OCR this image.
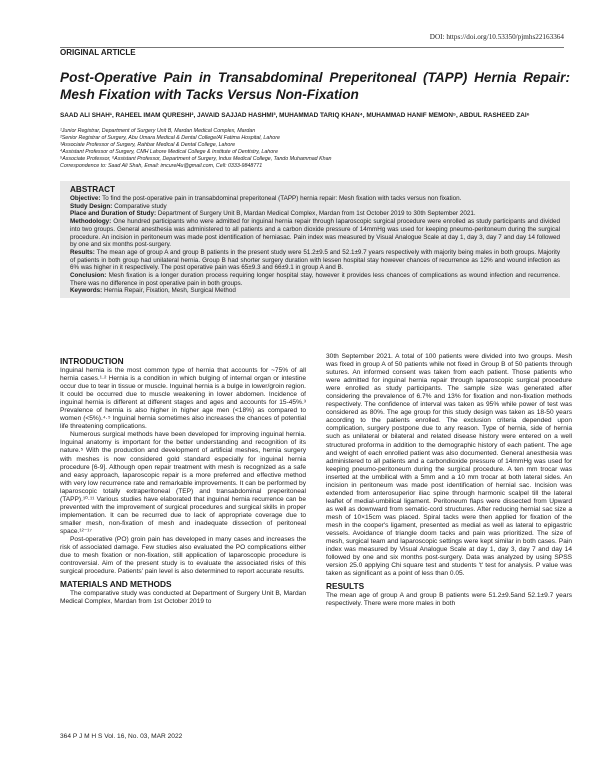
DOI: https://doi.org/10.53350/pjmhs22163364
ORIGINAL ARTICLE
Post-Operative Pain in Transabdominal Preperitoneal (TAPP) Hernia Repair: Mesh Fixation with Tacks Versus Non-Fixation
SAAD ALI SHAH¹, RAHEEL IMAM QURESHI², JAVAID SAJJAD HASHMI³, MUHAMMAD TARIQ KHAN⁴, MUHAMMAD HANIF MEMON⁵, ABDUL RASHEED ZAI⁶
¹Junior Registrar, Department of Surgery Unit B, Mardan Medical Complex, Mardan
²Senior Registrar of Surgery, Abu Umara Medical & Dental College/Al Fatima Hospital, Lahore
³Associate Professor of Surgery, Rahbar Medical & Dental College, Lahore
⁴Assistant Professor of Surgery, CMH Lahore Medical College & Institute of Dentistry, Lahore
⁵Associate Professor, ⁶Assistant Professor, Department of Surgery, Indus Medical College, Tando Muhammad Khan
Correspondence to: Saad Ali Shah, Email: imcurel4u@gmail.com, Cell: 0333-9848771
ABSTRACT

Objective: To find the post-operative pain in transabdominal preperitoneal (TAPP) hernia repair: Mesh fixation with tacks versus non fixation.

Study Design: Comparative study

Place and Duration of Study: Department of Surgery Unit B, Mardan Medical Complex, Mardan from 1st October 2019 to 30th September 2021.

Methodology: One hundred participants who were admitted for inguinal hernia repair through laparoscopic surgical procedure were enrolled as study participants and divided into two groups. General anesthesia was administered to all patients and a carbon dioxide pressure of 14mmHg was used for keeping pneumo-peritoneum during the surgical procedure. An incision in peritoneum was made post identification of herniasac. Pain index was measured by Visual Analogue Scale at day 1, day 3, day 7 and day 14 followed by one and six months post-surgery.

Results: The mean age of group A and group B patients in the present study were 51.2±9.5 and 52.1±9.7 years respectively with majority being males in both groups. Majority of patients in both group had unilateral hernia. Group B had shorter surgery duration with lessen hospital stay however chances of recurrence as 12% and wound infection as 6% was higher in it respectively. The post operative pain was 65±9.3 and 66±9.1 in group A and B.

Conclusion: Mesh fixation is a longer duration process requiring longer hospital stay, however it provides less chances of complications as wound infection and recurrence. There was no difference in post operative pain in both groups.

Keywords: Hernia Repair, Fixation, Mesh, Surgical Method

INTRODUCTION

Inguinal hernia is the most common type of hernia that accounts for ~75% of all hernia cases.¹·² Hernia is a condition in which bulging of internal organ or intestine occur due to tear in tissue or muscle. Inguinal hernia is a bulge in lower/groin region. It could be occurred due to muscle weakening in lower abdomen. Incidence of inguinal hernia is different at different stages and ages and accounts for 15-45%.³ Prevalence of hernia is also higher in higher age men (<18%) as compared to women (<5%).⁴·⁵ Inguinal hernia sometimes also increases the chances of potential life threatening complications.

Numerous surgical methods have been developed for improving inguinal hernia. Inguinal anatomy is important for the better understanding and recognition of its nature.⁵ With the production and development of artificial meshes, hernia surgery with meshes is now considered gold standard especially for inguinal hernia procedure [6-9]. Although open repair treatment with mesh is recognized as a safe and easy approach, laparoscopic repair is a more preferred and effective method with very low recurrence rate and remarkable improvements. It can be performed by laparoscopic totally extraperitoneal (TEP) and transabdominal preperitoneal (TAPP).¹⁰·¹¹ Various studies have elaborated that inguinal hernia recurrence can be prevented with the improvement of surgical procedures and surgical skills in proper implementation. It can be recurred due to lack of appropriate coverage due to smaller mesh, non-fixation of mesh and inadequate dissection of peritoneal space.¹²⁻¹⁷

Post-operative (PO) groin pain has developed in many cases and increases the risk of associated damage. Few studies also evaluated the PO complications either due to mesh fixation or non-fixation, still application of laparoscopic procedure is controversial. Aim of the present study is to evaluate the associated risks of this surgical procedure. Patients' pain level is also determined to report accurate results.

MATERIALS AND METHODS

The comparative study was conducted at Department of Surgery Unit B, Mardan Medical Complex, Mardan from 1st October 2019 to

30th September 2021. A total of 100 patients were divided into two groups. Mesh was fixed in group A of 50 patients while not fixed in Group B of 50 patients through sutures. An informed consent was taken from each patient. Those patients who were admitted for inguinal hernia repair through laparoscopic surgical procedure were enrolled as study participants. The sample size was generated after considering the prevalence of 6.7% and 13% for fixation and non-fixation methods respectively. The confidence of interval was taken as 95% while power of test was considered as 80%. The age group for this study design was taken as 18-50 years according to the patients enrolled. The exclusion criteria depended upon complication, surgery postpone due to any reason. Type of hernia, side of hernia such as unilateral or bilateral and related disease history were entered on a well structured proforma in addition to the demographic history of each patient. The age and weight of each enrolled patient was also documented. General anesthesia was administered to all patients and a carbondioxide pressure of 14mmHg was used for keeping pneumo-peritoneum during the surgical procedure. A ten mm trocar was inserted at the umbilical with a 5mm and a 10 mm trocar at both lateral sides. An incision in peritoneum was made post identification of hernial sac. Incision was extended from anterosuperior iliac spine through harmonic scalpel till the lateral leaflet of medial-umbilical ligament. Peritoneum flaps were dissected from Upward as well as downward from sematic-cord structures. After reducing hernial sac size a mesh of 10×15cm was placed. Spiral tacks were then applied for fixation of the mesh in the cooper's ligament, presented as medial as well as lateral to epigastric vessels. Avoidance of triangle doom tacks and pain was prioritized. The size of mesh, surgical team and laparoscopic settings were kept similar in both cases. Pain index was measured by Visual Analogue Scale at day 1, day 3, day 7 and day 14 followed by one and six months post-surgery. Data was analyzed by using SPSS version 25.0 applying Chi square test and students 't' test for analysis. P value was taken as significant as a point of less than 0.05.

RESULTS

The mean age of group A and group B patients were 51.2±9.5and 52.1±9.7 years respectively. There were more males in both

364 P J M H S Vol. 16, No. 03, MAR 2022
